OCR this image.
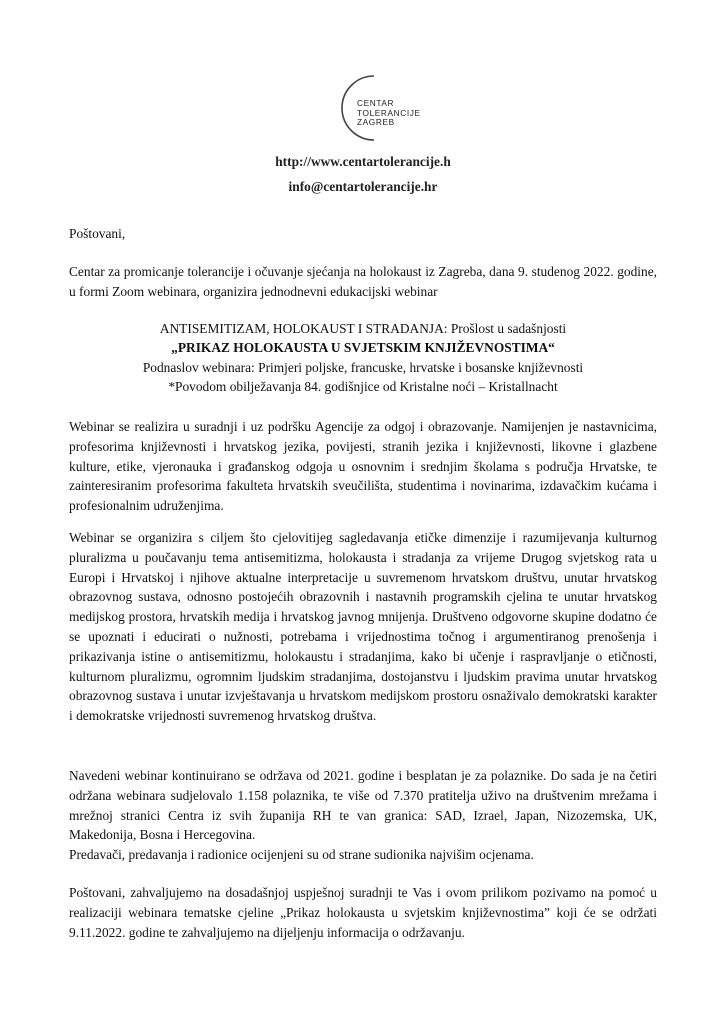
CENTAR
TOLERANCIJE
ZAGREB
http://www.centartolerancije.h
info@centartolerancije.hr
Poštovani,
Centar za promicanje tolerancije i očuvanje sjećanja na holokaust iz Zagreba, dana 9. studenog 2022. godine, u formi Zoom webinara, organizira jednodnevni edukacijski webinar
ANTISEMITIZAM, HOLOKAUST I STRADANJA: Prošlost u sadašnjosti
„PRIKAZ HOLOKAUSTA U SVJETSKIM KNJIŽEVNOSTIMA“
Podnaslov webinara: Primjeri poljske, francuske, hrvatske i bosanske književnosti
*Povodom obilježavanja 84. godišnjice od Kristalne noći – Kristallnacht
Webinar se realizira u suradnji i uz podršku Agencije za odgoj i obrazovanje. Namijenjen je nastavnicima, profesorima književnosti i hrvatskog jezika, povijesti, stranih jezika i književnosti, likovne i glazbene kulture, etike, vjeronauka i građanskog odgoja u osnovnim i srednjim školama s područja Hrvatske, te zainteresiranim profesorima fakulteta hrvatskih sveučilišta, studentima i novinarima, izdavačkim kućama i profesionalnim udruženjima.
Webinar se organizira s ciljem što cjelovitijeg sagledavanja etičke dimenzije i razumijevanja kulturnog pluralizma u poučavanju tema antisemitizma, holokausta i stradanja za vrijeme Drugog svjetskog rata u Europi i Hrvatskoj i njihove aktualne interpretacije u suvremenom hrvatskom društvu, unutar hrvatskog obrazovnog sustava, odnosno postojećih obrazovnih i nastavnih programskih cjelina te unutar hrvatskog medijskog prostora, hrvatskih medija i hrvatskog javnog mnijenja. Društveno odgovorne skupine dodatno će se upoznati i educirati o nužnosti, potrebama i vrijednostima točnog i argumentiranog prenošenja i prikazivanja istine o antisemitizmu, holokaustu i stradanjima, kako bi učenje i raspravljanje o etičnosti, kulturnom pluralizmu, ogromnim ljudskim stradanjima, dostojanstvu i ljudskim pravima unutar hrvatskog obrazovnog sustava i unutar izvještavanja u hrvatskom medijskom prostoru osnaživalo demokratski karakter i demokratske vrijednosti suvremenog hrvatskog društva.
Navedeni webinar kontinuirano se održava od 2021. godine i besplatan je za polaznike. Do sada je na četiri održana webinara sudjelovalo 1.158 polaznika, te više od 7.370 pratitelja uživo na društvenim mrežama i mrežnoj stranici Centra iz svih županija RH te van granica: SAD, Izrael, Japan, Nizozemska, UK, Makedonija, Bosna i Hercegovina.
Predavači, predavanja i radionice ocijenjeni su od strane sudionika najvišim ocjenama.
Poštovani, zahvaljujemo na dosadašnjoj uspješnoj suradnji te Vas i ovom prilikom pozivamo na pomoć u realizaciji webinara tematske cjeline „Prikaz holokausta u svjetskim književnostima” koji će se održati 9.11.2022. godine te zahvaljujemo na dijeljenju informacija o održavanju.
